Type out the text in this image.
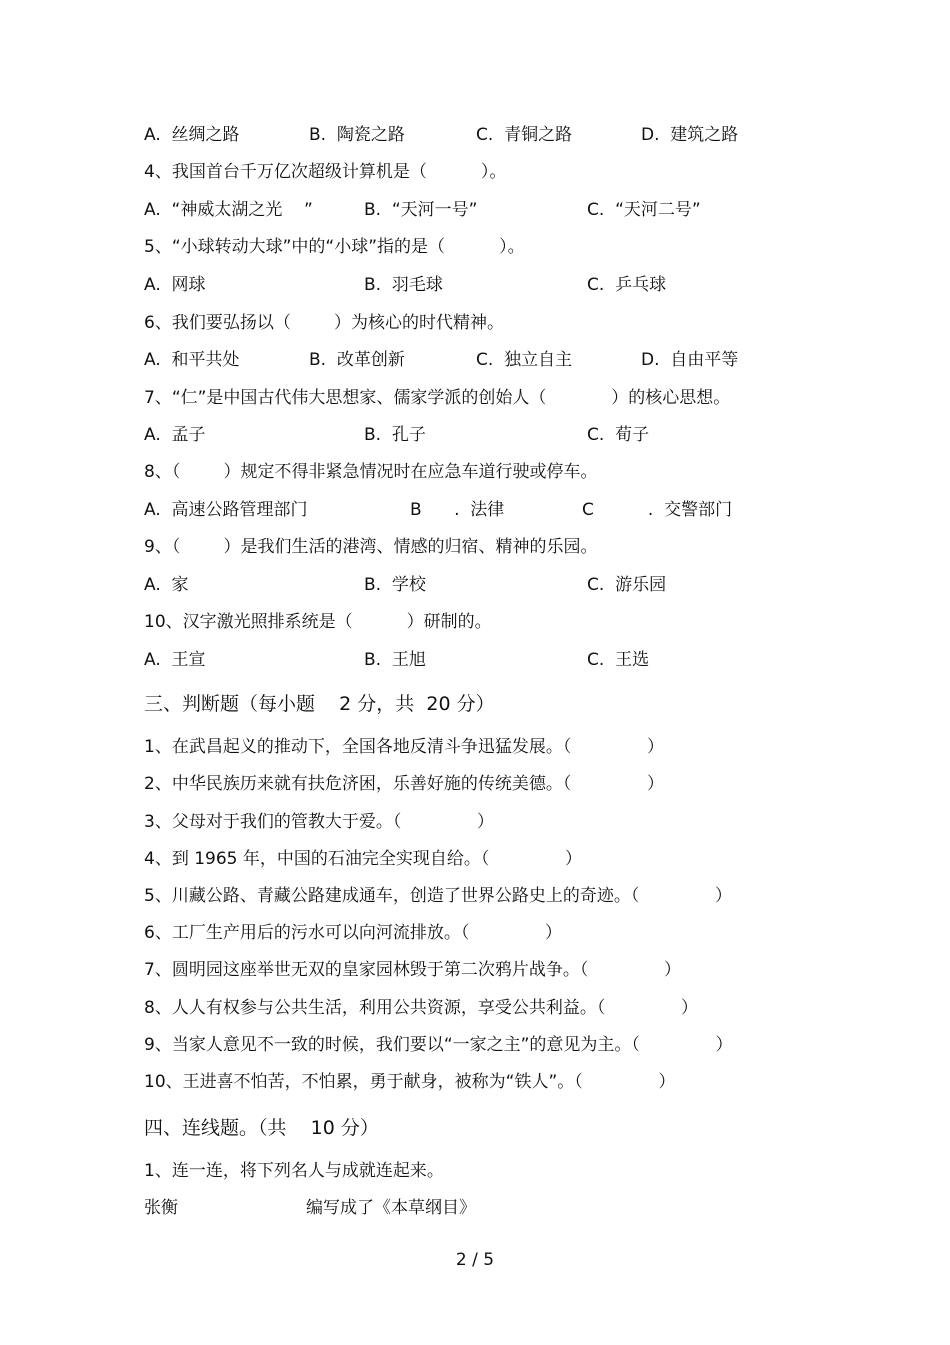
A.  丝绸之路	B.  陶瓷之路	C.  青铜之路	D.  建筑之路
4、我国首台千万亿次超级计算机是（          ）。
A.  “神威太湖之光    ”	B.  “天河一号”	C.  “天河二号”
5、“小球转动大球”中的“小球”指的是（          ）。
A.  网球	B.  羽毛球	C.  乒乓球
6、我们要弘扬以（        ）为核心的时代精神。
A.  和平共处	B.  改革创新	C.  独立自主	D.  自由平等
7、“仁”是中国古代伟大思想家、儒家学派的创始人（            ）的核心思想。
A.  孟子	B.  孔子	C.  荀子
8、（        ）规定不得非紧急情况时在应急车道行驶或停车。
A.  高速公路管理部门	B      .  法律	C          .  交警部门
9、（        ）是我们生活的港湾、情感的归宿、精神的乐园。
A.  家	B.  学校	C.  游乐园
10、汉字激光照排系统是（          ）研制的。
A.  王宣	B.  王旭	C.  王选
三、判断题（每小题    2 分，共  20 分）
1、在武昌起义的推动下，全国各地反清斗争迅猛发展。（              ）
2、中华民族历来就有扶危济困，乐善好施的传统美德。（              ）
3、父母对于我们的管教大于爱。（              ）
4、到 1965 年，中国的石油完全实现自给。（              ）
5、川藏公路、青藏公路建成通车，创造了世界公路史上的奇迹。（              ）
6、工厂生产用后的污水可以向河流排放。（              ）
7、圆明园这座举世无双的皇家园林毁于第二次鸦片战争。（              ）
8、人人有权参与公共生活，利用公共资源，享受公共利益。（              ）
9、当家人意见不一致的时候，我们要以“一家之主”的意见为主。（              ）
10、王进喜不怕苦，不怕累，勇于献身，被称为“铁人”。（              ）
四、连线题。（共    10 分）
1、连一连，将下列名人与成就连起来。
张衡	编写成了《本草纲目》
2 / 5
